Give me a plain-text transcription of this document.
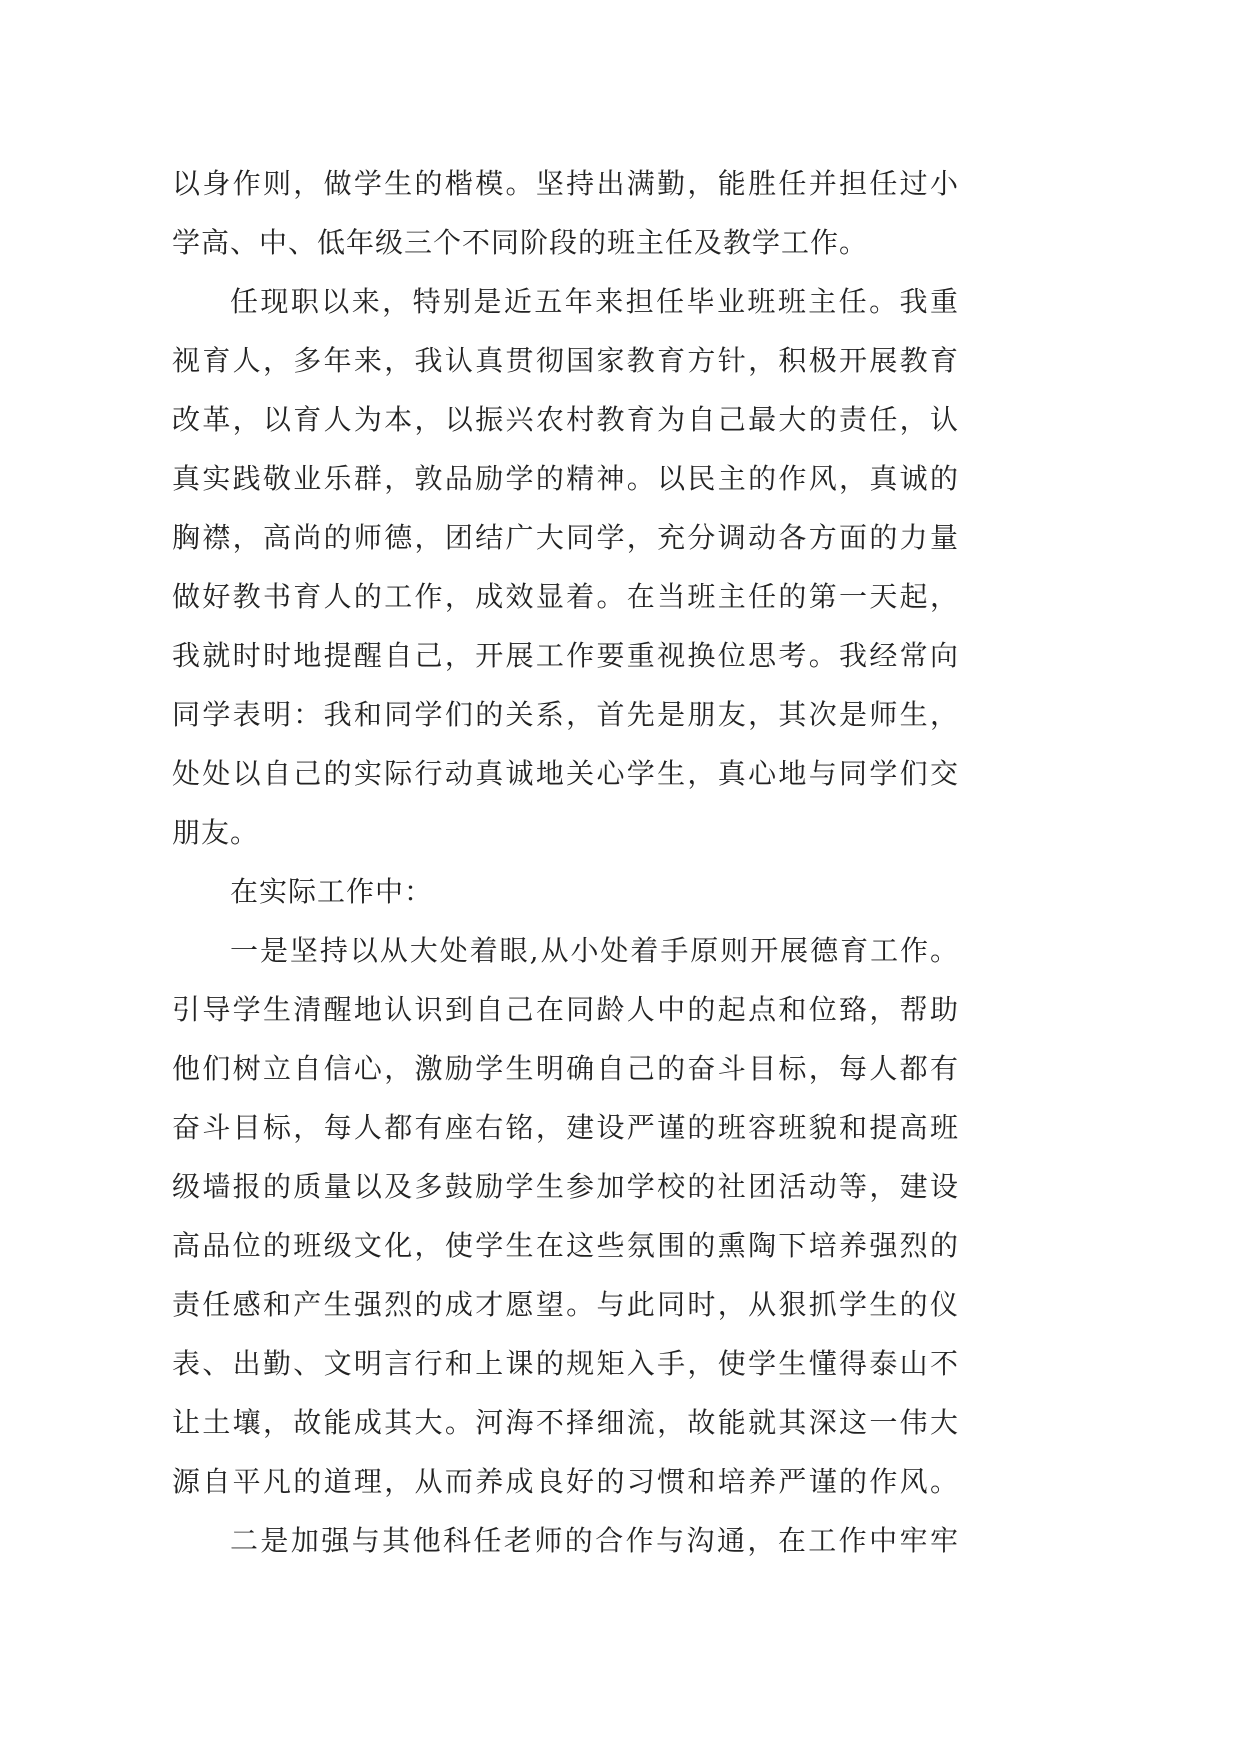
以身作则，做学生的楷模。坚持出满勤，能胜任并担任过小
学高、中、低年级三个不同阶段的班主任及教学工作。
任现职以来，特别是近五年来担任毕业班班主任。我重
视育人，多年来，我认真贯彻国家教育方针，积极开展教育
改革，以育人为本，以振兴农村教育为自己最大的责任，认
真实践敬业乐群，敦品励学的精神。以民主的作风，真诚的
胸襟，高尚的师德，团结广大同学，充分调动各方面的力量
做好教书育人的工作，成效显着。在当班主任的第一天起，
我就时时地提醒自己，开展工作要重视换位思考。我经常向
同学表明：我和同学们的关系，首先是朋友，其次是师生，
处处以自己的实际行动真诚地关心学生，真心地与同学们交
朋友。
在实际工作中：
一是坚持以从大处着眼,从小处着手原则开展德育工作。
引导学生清醒地认识到自己在同龄人中的起点和位臵，帮助
他们树立自信心，激励学生明确自己的奋斗目标，每人都有
奋斗目标，每人都有座右铭，建设严谨的班容班貌和提高班
级墙报的质量以及多鼓励学生参加学校的社团活动等，建设
高品位的班级文化，使学生在这些氛围的熏陶下培养强烈的
责任感和产生强烈的成才愿望。与此同时，从狠抓学生的仪
表、出勤、文明言行和上课的规矩入手，使学生懂得泰山不
让土壤，故能成其大。河海不择细流，故能就其深这一伟大
源自平凡的道理，从而养成良好的习惯和培养严谨的作风。
二是加强与其他科任老师的合作与沟通，在工作中牢牢
